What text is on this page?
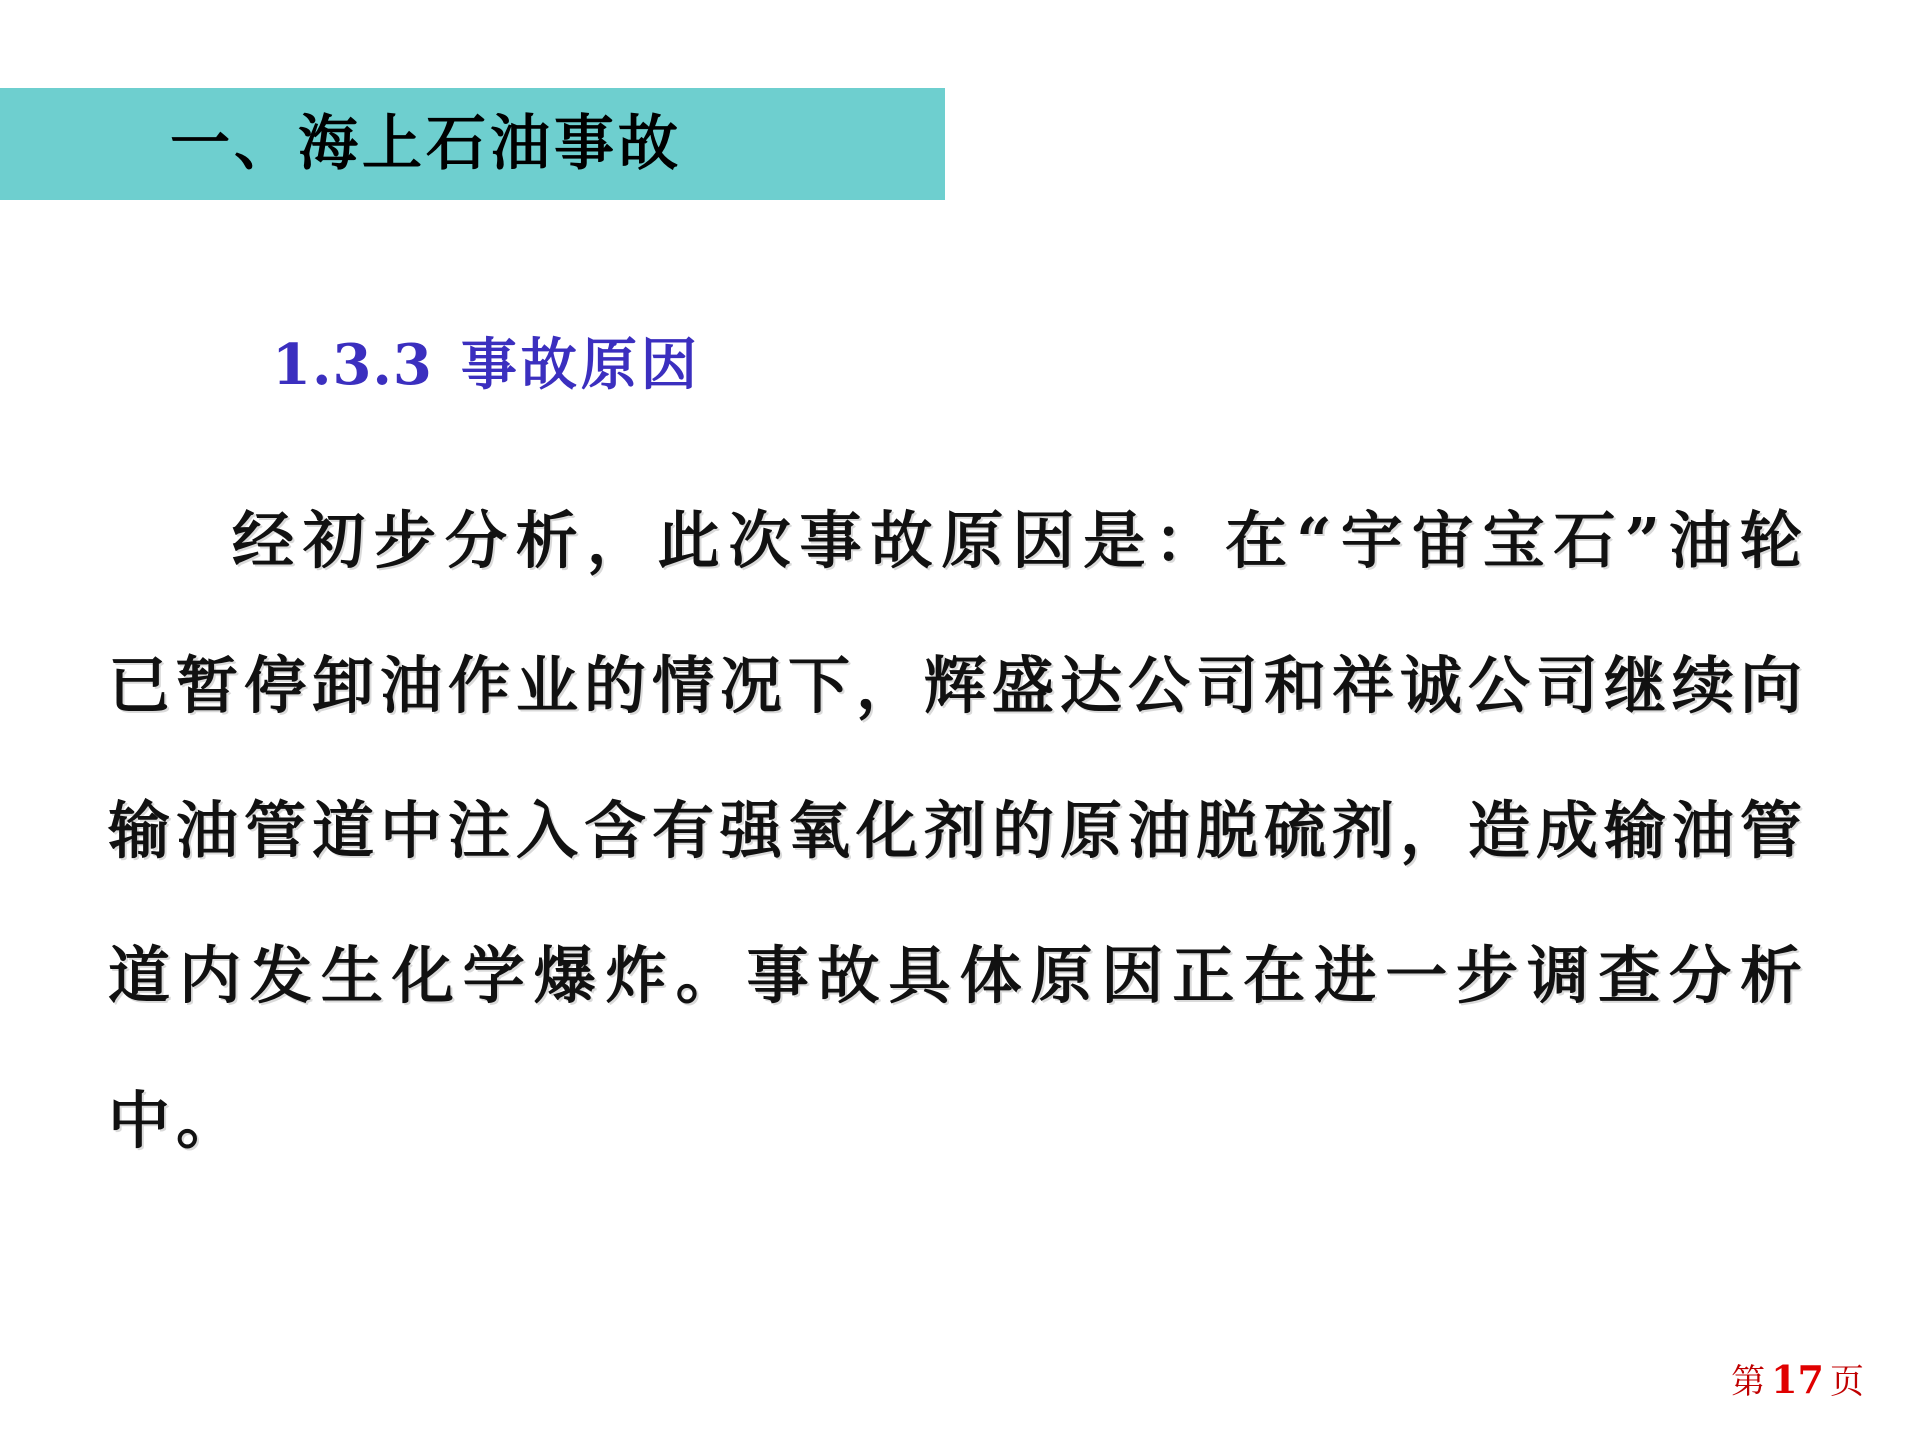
一、海上石油事故
1.3.3 事故原因
经初步分析，此次事故原因是：在“宇宙宝石”油轮已暂停卸油作业的情况下，辉盛达公司和祥诚公司继续向输油管道中注入含有强氧化剂的原油脱硫剂，造成输油管道内发生化学爆炸。事故具体原因正在进一步调查分析中。
第 17 页
